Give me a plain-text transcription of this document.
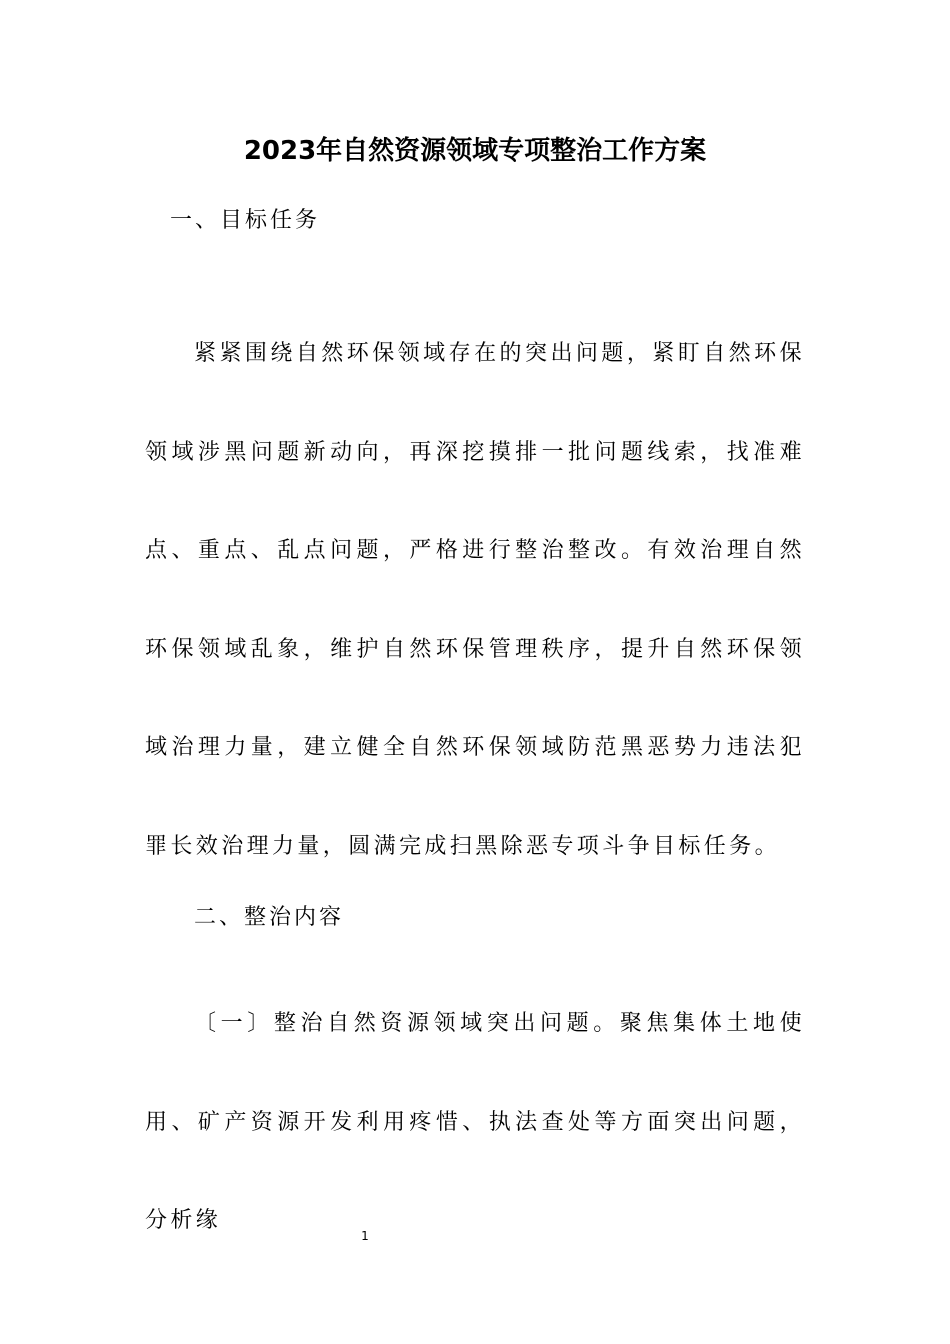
2023年自然资源领域专项整治工作方案
一、目标任务

紧紧围绕自然环保领域存在的突出问题，紧盯自然环保领域涉黑问题新动向，再深挖摸排一批问题线索，找准难点、重点、乱点问题，严格进行整治整改。有效治理自然环保领域乱象，维护自然环保管理秩序，提升自然环保领域治理力量，建立健全自然环保领域防范黑恶势力违法犯罪长效治理力量，圆满完成扫黑除恶专项斗争目标任务。

二、整治内容

〔一〕整治自然资源领域突出问题。聚焦集体土地使用、矿产资源开发利用疼惜、执法查处等方面突出问题，分析缘

1
